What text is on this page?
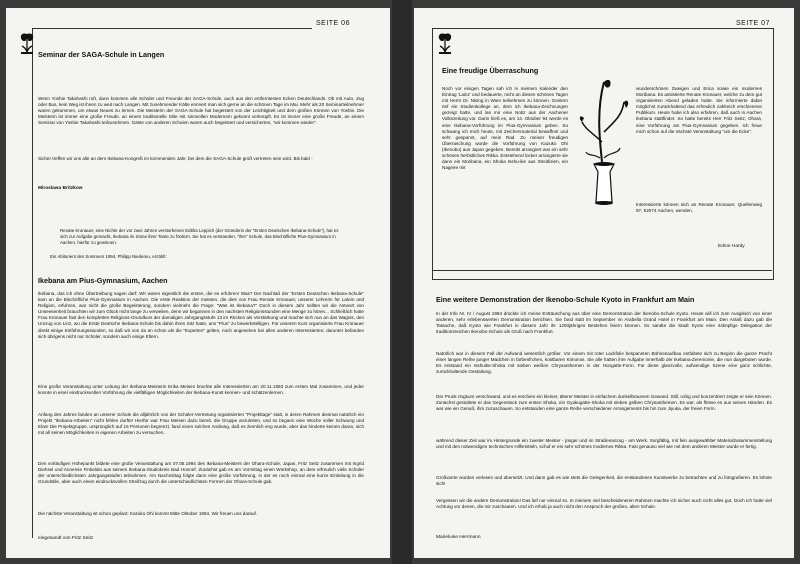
SEITE 06
Seminar der SAGA-Schule in Langen

Wenn Yoshie Takahashi ruft, dann kommen alle Schüler und Freunde der SAGA-Schule, auch aus den entferntesten Ecken Deutschlands. Ob mit Auto, Zug oder Bus, kein Weg ist ihnen zu weit nach Langen. Mit zunehmender Kälte ennnert man sich gerne an die schönen Tage im Mai. Mehr als 20 Seminarteilnehmer waren gekommen, um etwas Neues zu lernen. Die Meisterin der SAGA-Schule hat begeistert von der Leichtigkeit und dem großen Können von Yoshie. Die Meisterin ist immer eine große Freude, an einem traditionelle Stile mit sinnvollen Modernem gekonnt verknüpft. Es ist immer eine große Freude, an einem Seminar von Yoshie Takahashi teilzunehmen. Gäste von anderen Schulen waren auch begeistert und versicherten, "wir kommen wieder".

Sicher treffen wir uns alle an dem Ikebana-Kongreß im kommenden Jahr, bei dem die SAGA-Schule groß vertreten sein wird. Bis bald -

Miroslawa Britzkow

Renate Kronauer, eine Nichte der vor zwei Jahren verstorbenen Editha Leppich (der Gründerin der "Ersten Deutschen Ikebana-Schule"), hat es sich zur Aufgabe gemacht, Ikebana im Sinne ihrer Tante zu fördern. Sie hat es verstanden, "ihre" Schule, das Bischöfliche Pius-Gymnasium in Aachen, hierfür zu gewinnen.

Ein Abiturient des Sommers 1994, Philipp Niedereu, erzählt:

Ikebana am Pius-Gymnasium, Aachen

Ikebana, das ich ohne Übertreibung sagen darf: Wir waren eigentlich die ersten, die es erfuhren! Was? Der Nachlaß der "Ersten Deutschen Ikebana-Schule" kam an die Bischöfliche Pius-Gymnasium in Aachen. Die erste Reaktion der meisten, die dies von Frau Renate Kronauer, unserer Lehrerin für Latein und Religion, erfuhren, war nicht die große Begeisterung, sondern vielmehr die Frage: "Was ist Ikebana?" Doch in diesem Jahr sollten wir die Antwort von Unseesenheit brauchten wir zum Glück nicht lange zu verweilen, denn wir begannen in den nachsten Religionsstunden eine Menge zu hören... Schließlich hatte Frau Kronauer fast den kompletten Religions-Grundkurs der damaligen Jahrgangsstufe 13 im Rücken als Verstärkung und machte sich nun an das Wagnis, den Umzug von Linz, wo die Erste Deutsche Ikebana-Schule bis dahin ihren Sitz hatte, ans "Pius" zu bewerkstelligen. Für unseren Kurs organisierte Frau Kronauer direkt einige Einführungsstunden, so daß wir von da an schon als die "Experten" gelten, noch angesehen bei allen anderen Interessierten; darunter befanden sich übrigens nicht nur Schüler, sondern auch einige Eltern.

Eine große Veranstaltung unter Leitung der Ikebana-Meisterin Erika Meisen brachte alle Interessierten am 20.11.1993 zum ersten Mal zusammen, und jeder konnte in einer eindrucksvollen Vorführung die vielfältigen Möglichkeiten der Ikebana-Kunst kennen- und schätzenlernen.

Anfang des Jahres fanden an unserer Schule die alljährlich von der Schüler-Vertretung organisierten "Projekttage" statt, in deren Rahmen diesmal natürlich ein Projekt "Ikebana-Arbeiten" nicht fehlen durfte! Hierfür war Frau Meisen dazu bereit, die Gruppe anzuleiten, und so begann eine Woche voller Schwung und Elan! Die Projektgruppe, ursprünglich auf 15 Personen begrenzt, fand einen solchen Andrang, daß es ziemlich eng wurde, aber das hinderte keinen daran, sich mit all seinen Möglichkeiten in eigenen Arbeiten zu versuchen.

Den vorläufigen Höhepunkt bildete eine große Veranstaltung am 07.05.1994 des Ikebana-Meisters der Ohara-Schule, Japan, Fritz Seitz zusammen mit Ingrid Diehsel und Annemie Finkeldei aus seinem Ikebana-Studiokreis Bad Honnef. Zunächst gab es am Vormittag einen Workshop, an dem erfreulich viele Schüler der unterschiedlichsten Jahrgangsstufen teilnahmen. Am Nachmittag folgte dann eine große Vorführung, in der es noch einmal eine kurze Einleitung in die Grundstile, aber auch einen eindrucksvollen Streifzug durch die unterschiedlichsten Formen der Ohara-Schule gab.

Die nächste Veranstaltung ist schon geplant: Kazuko Ohi kommt Mitte Oktober 1994. Wir freuen uns darauf.

eingesandt von Fritz Seitz
SEITE 07
Eine freudige Überraschung

Noch vor einigen Tagen sah ich in meinem Kalender den Eintrag 'Lainz' und bedauerte, nicht an diesen schönen Tagen mit Herrn Dr. Nising in Wien teilnehmen zu können. Gestern rief ein Studienkollege an, dem ich Ikebana-Zeichnungen gezeigt hatte, und las mir eine Notiz aus der Aachener Volkszeitung vor. Darin hieß es, am 14. Oktober 94 werde es eine Ikebana-Vorführung im Pius-Gymnasium geben. So schwang ich mich heute, mit Zeichenmaterial bewaffnet und sehr gespannt, auf mein Rad. Zu meiner freudigen Überraschung wurde die Vorführung von Kazuko Ohi (Ikenobo) aus Japan gegeben. Bereits arrangiert war ein sehr schönes herbstliches Rikka. Entstehend locker arrangierte sie dann ein Moribana, ein Shoka Isshu-ike aus Streitlizien, ein Nageire mit

wunderschönen Zweigen und Erica sowie ein modernes Moribana. Es assistierte Renate Kronauer, welche zu dem gut organisierten Abend geladen hatte. Sie informierte dabei möglichst zurückhaltend das erfreulich zahlreich erschienene Publikum. Heute habe ich also erfahren, daß auch in Aachen Ikebana stattfindet. So hatte bereits Herr Fritz Seitz, Ohara, eine Vorführung am Pius-Gymnasium gegeben. Ich freue mich schon auf die nächste Veranstaltung "um die Ecke".

Interessierte können sich an Renate Kronauer, Quellenweg 97, 52074 Aachen, wenden.

Edme Hardy
Eine weitere Demonstration der Ikenobo-Schule Kyoto in Frankfurt am Main

In der Info Nr. IV / August 1994 drückte ich meine Enttäuschung aus über eine Demonstration der Ikenobo-Schule Kyoto. Heute will ich zum Ausgleich von einer anderen, sehr erlebenswerten Demonstration berichten. Sie fand statt im September im Arabella Grand Hotel in Frankfurt am Main. Den Anlaß dazu gab die Tatsache, daß Kyoto wie Frankfurt in diesem Jahr ihr 1200jähriges Bestehen feiern können. So sandte die Stadt Kyoto eine 44köpfige Delegation der traditionsreichen Ikenobo-Schule als Gruß nach Frankfurt.

Natürlich war in diesem Fall der Aufwand wesentlich größer. Vor einem mit roter Lackfolie bespannten Bühnenaufbau entfaltete sich zu Beginn die ganze Pracht einer langen Reihe junger Mädchen in farbenfrohen, kostbaren Kimonos. Sie alle hatten ihre Aufgabe innerhalb der Ikebana-Zeremonie, die nun dargeboten wurde. Es entstand ein Isshuike-Shoka mit sieben weißen Chrysanthemen in der Hongatte-Form. Für diese glanzvolle, aufwendige Szene eine ganz schlichte, zurückhaltende Gestaltung.

Der Prunk ringsum verschwand, und es erschien ein kleiner, älterer Meister in einfachem dunkelbraunem Gewand. Still, ruhig und konzentriert zeigte er sein Können. Zunächst gestaltete er das Gegenstück zum ersten Shoka, ein Gyakugatte-Shoka mit sieben gelben Chrysanthemen. Es war, als flösse es aus seinen Händen. Es war wie ein Genuß, ihm zuzuschauen. So entstanden eine ganze Reihe verschiedener Arrangements bis hin zum Jiyuka, der freien Form.

während dieser Zeit war im Hintergrunde ein zweiter Meister - jünger und im Straßenanzug - am Werk. Sorgfältig, mit fein ausgewählter Materialzusammenstellung und mit den notwendigen technischen Hilfsmitteln, schuf er ein sehr schönes modernes Rikka. Fast genauso viel wie mit dem anderen Meister wurde er fertig.

Großworte wurden verlesen und übersetzt. Und dann gab es wie stets die Gelegenheit, die entstandenen Kunstwerke zu betrachten und zu fotografieren. Es lohnte sich!

Vergessen wir die andere Demonstration! Das lief nur einmal so. In meinem viel bescheideneren Rahmen machte ich sicher auch nicht alles gut. Doch ich hatte viel Achtung vor denen, die mir zuschauten. Und ich erhob ja auch nicht den Anspruch der großen, alten Schule.

Marieluise Herrmann
